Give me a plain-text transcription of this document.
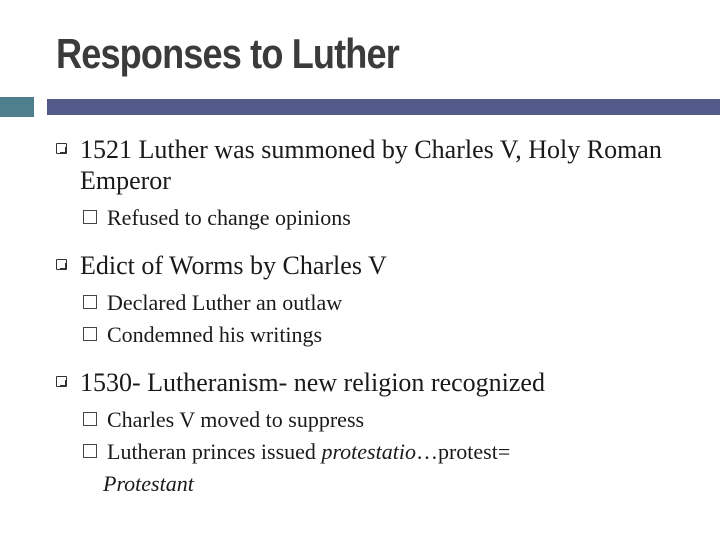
Responses to Luther
1521 Luther was summoned by Charles V, Holy Roman Emperor
Refused to change opinions
Edict of Worms by Charles V
Declared Luther an outlaw
Condemned his writings
1530- Lutheranism- new religion recognized
Charles V moved to suppress
Lutheran princes issued protestatio…protest=
Protestant
